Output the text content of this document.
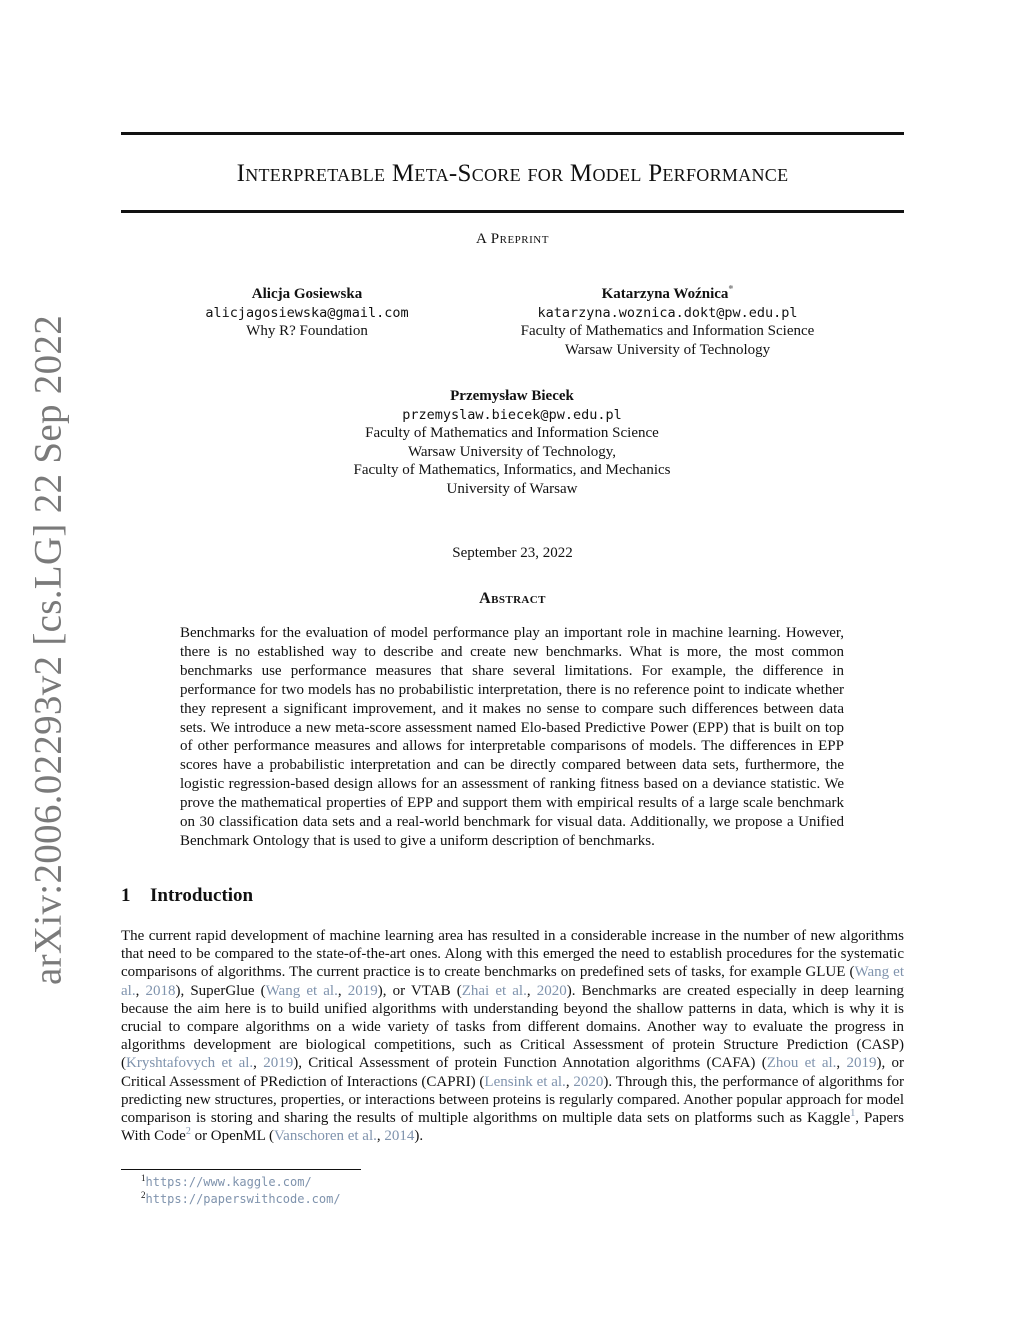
arXiv:2006.02293v2 [cs.LG] 22 Sep 2022
Interpretable Meta-Score for Model Performance
A Preprint
Alicja Gosiewska
alicjagosiewska@gmail.com
Why R? Foundation
Katarzyna Woźnica*
katarzyna.woznica.dokt@pw.edu.pl
Faculty of Mathematics and Information Science
Warsaw University of Technology
Przemysław Biecek
przemyslaw.biecek@pw.edu.pl
Faculty of Mathematics and Information Science
Warsaw University of Technology,
Faculty of Mathematics, Informatics, and Mechanics
University of Warsaw
September 23, 2022
Abstract

Benchmarks for the evaluation of model performance play an important role in machine learning. However, there is no established way to describe and create new benchmarks. What is more, the most common benchmarks use performance measures that share several limitations. For example, the difference in performance for two models has no probabilistic interpretation, there is no reference point to indicate whether they represent a significant improvement, and it makes no sense to compare such differences between data sets. We introduce a new meta-score assessment named Elo-based Predictive Power (EPP) that is built on top of other performance measures and allows for interpretable comparisons of models. The differences in EPP scores have a probabilistic interpretation and can be directly compared between data sets, furthermore, the logistic regression-based design allows for an assessment of ranking fitness based on a deviance statistic. We prove the mathematical properties of EPP and support them with empirical results of a large scale benchmark on 30 classification data sets and a real-world benchmark for visual data. Additionally, we propose a Unified Benchmark Ontology that is used to give a uniform description of benchmarks.

1 Introduction

The current rapid development of machine learning area has resulted in a considerable increase in the number of new algorithms that need to be compared to the state-of-the-art ones. Along with this emerged the need to establish procedures for the systematic comparisons of algorithms. The current practice is to create benchmarks on predefined sets of tasks, for example GLUE (Wang et al., 2018), SuperGlue (Wang et al., 2019), or VTAB (Zhai et al., 2020). Benchmarks are created especially in deep learning because the aim here is to build unified algorithms with understanding beyond the shallow patterns in data, which is why it is crucial to compare algorithms on a wide variety of tasks from different domains. Another way to evaluate the progress in algorithms development are biological competitions, such as Critical Assessment of protein Structure Prediction (CASP) (Kryshtafovych et al., 2019), Critical Assessment of protein Function Annotation algorithms (CAFA) (Zhou et al., 2019), or Critical Assessment of PRediction of Interactions (CAPRI) (Lensink et al., 2020). Through this, the performance of algorithms for predicting new structures, properties, or interactions between proteins is regularly compared. Another popular approach for model comparison is storing and sharing the results of multiple algorithms on multiple data sets on platforms such as Kaggle$^1$, Papers With Code$^2$ or OpenML (Vanschoren et al., 2014).

$^1$https://www.kaggle.com/
$^2$https://paperswithcode.com/
